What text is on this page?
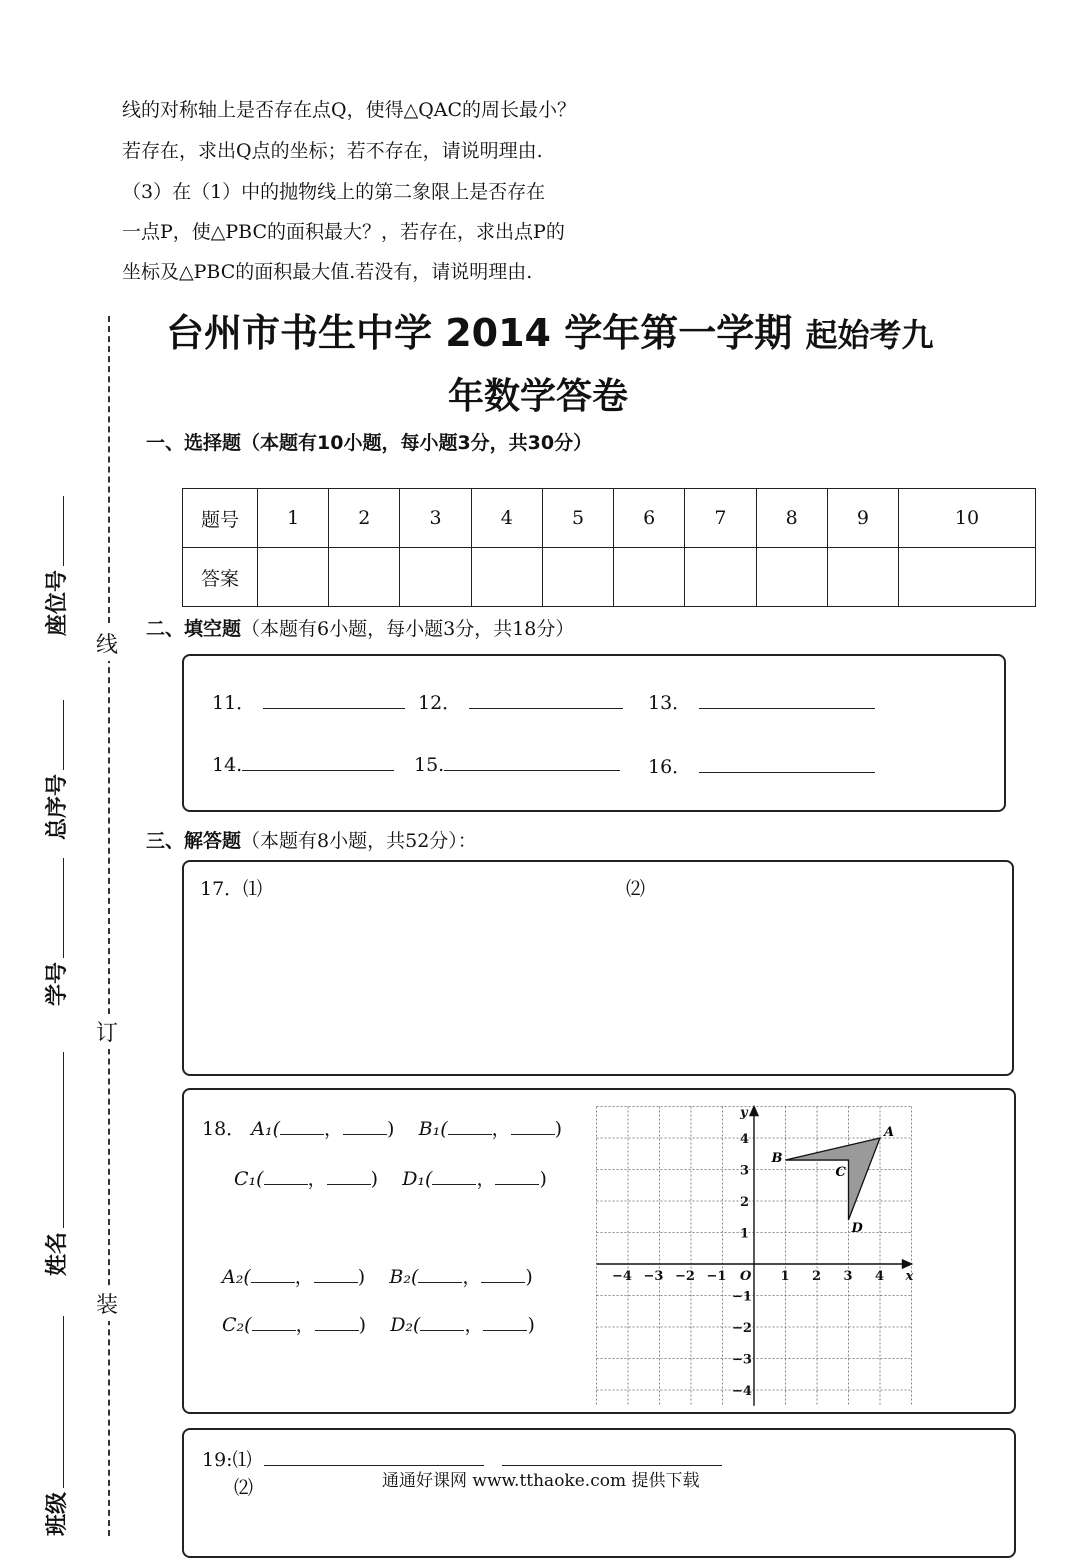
线的对称轴上是否存在点Q，使得△QAC的周长最小？
若存在，求出Q点的坐标；若不存在，请说明理由.
（3）在（1）中的抛物线上的第二象限上是否存在
一点P，使△PBC的面积最大？，若存在，求出点P的
坐标及△PBC的面积最大值.若没有，请说明理由.
台州市书生中学 2014 学年第一学期 起始考九
年数学答卷
一、选择题（本题有10小题，每小题3分，共30分）
题号	1	2	3	4	5	6	7	8	9	10
答案										
二、填空题（本题有6小题，每小题3分，共18分）
11．	12．	13．
14.	15.	16．
三、解答题（本题有8小题，共52分）：
17．⑴	⑵
18． A₁( ， ) B₁( ， )
C₁( ， ) D₁( ， )
A₂( ， ) B₂( ， )
C₂( ， ) D₂( ， )
−4 −3 −2 −1	1 2 3 4
4
3
2
1
−1
−2
−3
−4
O	x
y
A
B
C
D
19:⑴
⑵	通通好课网 www.tthaoke.com 提供下载
线
订
装
座位号
总序号
学号
姓名
班级
